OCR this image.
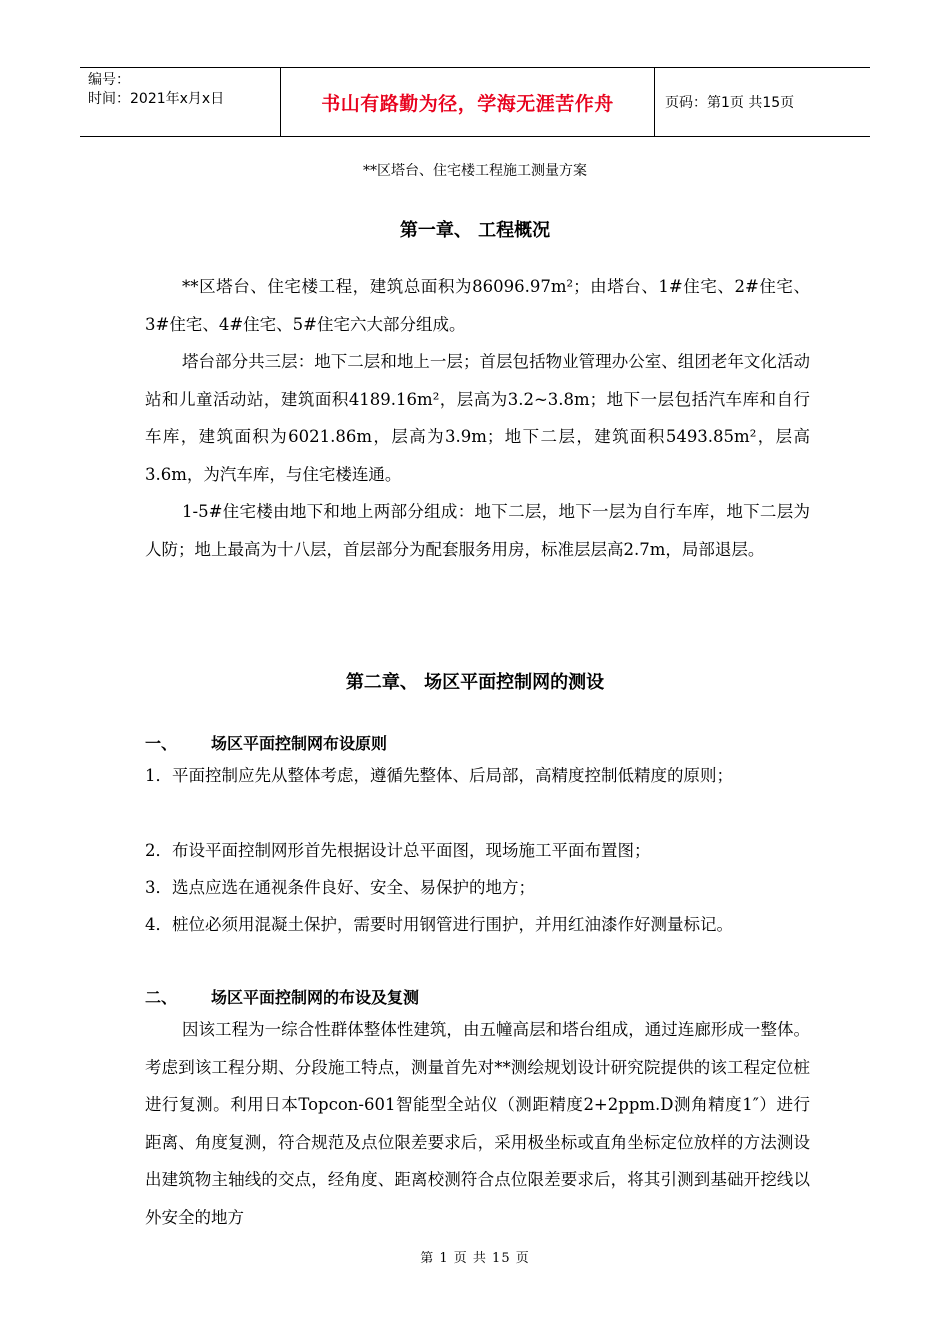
编号：
时间：2021年x月x日	书山有路勤为径，学海无涯苦作舟	页码：第1页 共15页
**区塔台、住宅楼工程施工测量方案
第一章、 工程概况
**区塔台、住宅楼工程，建筑总面积为86096.97m²；由塔台、1#住宅、2#住宅、3#住宅、4#住宅、5#住宅六大部分组成。
塔台部分共三层：地下二层和地上一层；首层包括物业管理办公室、组团老年文化活动站和儿童活动站，建筑面积4189.16m²，层高为3.2~3.8m；地下一层包括汽车库和自行车库，建筑面积为6021.86m，层高为3.9m；地下二层，建筑面积5493.85m²，层高3.6m，为汽车库，与住宅楼连通。
1-5#住宅楼由地下和地上两部分组成：地下二层，地下一层为自行车库，地下二层为人防；地上最高为十八层，首层部分为配套服务用房，标准层层高2.7m，局部退层。
第二章、 场区平面控制网的测设
一、 场区平面控制网布设原则
1．平面控制应先从整体考虑，遵循先整体、后局部，高精度控制低精度的原则；
2．布设平面控制网形首先根据设计总平面图，现场施工平面布置图；
3．选点应选在通视条件良好、安全、易保护的地方；
4．桩位必须用混凝土保护，需要时用钢管进行围护，并用红油漆作好测量标记。
二、 场区平面控制网的布设及复测
因该工程为一综合性群体整体性建筑，由五幢高层和塔台组成，通过连廊形成一整体。考虑到该工程分期、分段施工特点，测量首先对**测绘规划设计研究院提供的该工程定位桩进行复测。利用日本Topcon-601智能型全站仪（测距精度2+2ppm.D测角精度1″）进行距离、角度复测，符合规范及点位限差要求后，采用极坐标或直角坐标定位放样的方法测设出建筑物主轴线的交点，经角度、距离校测符合点位限差要求后，将其引测到基础开挖线以外安全的地方
第 1 页 共 15 页
